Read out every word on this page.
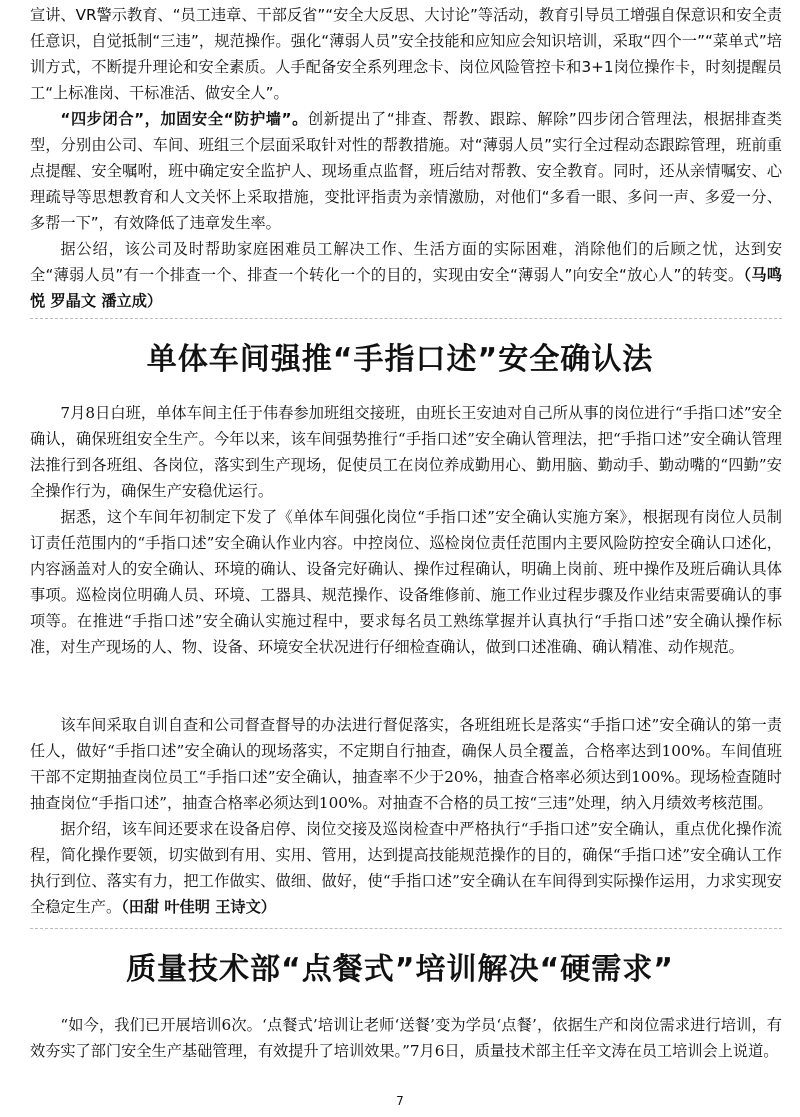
宣讲、VR警示教育、“员工违章、干部反省”“安全大反思、大讨论”等活动，教育引导员工增强自保意识和安全责任意识，自觉抵制“三违”，规范操作。强化“薄弱人员”安全技能和应知应会知识培训，采取“四个一”“菜单式”培训方式，不断提升理论和安全素质。人手配备安全系列理念卡、岗位风险管控卡和3+1岗位操作卡，时刻提醒员工“上标准岗、干标准活、做安全人”。

“四步闭合”，加固安全“防护墙”。创新提出了“排查、帮教、跟踪、解除”四步闭合管理法，根据排查类型，分别由公司、车间、班组三个层面采取针对性的帮教措施。对“薄弱人员”实行全过程动态跟踪管理，班前重点提醒、安全嘱咐，班中确定安全监护人、现场重点监督，班后结对帮教、安全教育。同时，还从亲情嘱安、心理疏导等思想教育和人文关怀上采取措施，变批评指责为亲情激励，对他们“多看一眼、多问一声、多爱一分、多帮一下”，有效降低了违章发生率。

据公绍，该公司及时帮助家庭困难员工解决工作、生活方面的实际困难，消除他们的后顾之忧，达到安全“薄弱人员”有一个排查一个、排查一个转化一个的目的，实现由安全“薄弱人”向安全“放心人”的转变。（马鸣悦 罗晶文 潘立成）

单体车间强推“手指口述”安全确认法

7月8日白班，单体车间主任于伟春参加班组交接班，由班长王安迪对自己所从事的岗位进行“手指口述”安全确认，确保班组安全生产。今年以来，该车间强势推行“手指口述”安全确认管理法，把“手指口述”安全确认管理法推行到各班组、各岗位，落实到生产现场，促使员工在岗位养成勤用心、勤用脑、勤动手、勤动嘴的“四勤”安全操作行为，确保生产安稳优运行。

据悉，这个车间年初制定下发了《单体车间强化岗位“手指口述”安全确认实施方案》，根据现有岗位人员制订责任范围内的“手指口述”安全确认作业内容。中控岗位、巡检岗位责任范围内主要风险防控安全确认口述化，内容涵盖对人的安全确认、环境的确认、设备完好确认、操作过程确认，明确上岗前、班中操作及班后确认具体事项。巡检岗位明确人员、环境、工器具、规范操作、设备维修前、施工作业过程步骤及作业结束需要确认的事项等。在推进“手指口述”安全确认实施过程中，要求每名员工熟练掌握并认真执行“手指口述”安全确认操作标准，对生产现场的人、物、设备、环境安全状况进行仔细检查确认，做到口述准确、确认精准、动作规范。

该车间采取自训自查和公司督查督导的办法进行督促落实，各班组班长是落实“手指口述”安全确认的第一责任人，做好“手指口述”安全确认的现场落实，不定期自行抽查，确保人员全覆盖，合格率达到100%。车间值班干部不定期抽查岗位员工“手指口述”安全确认，抽查率不少于20%，抽查合格率必须达到100%。现场检查随时抽查岗位“手指口述”，抽查合格率必须达到100%。对抽查不合格的员工按“三违”处理，纳入月绩效考核范围。

据介绍，该车间还要求在设备启停、岗位交接及巡岗检查中严格执行“手指口述”安全确认，重点优化操作流程，简化操作要领，切实做到有用、实用、管用，达到提高技能规范操作的目的，确保“手指口述”安全确认工作执行到位、落实有力，把工作做实、做细、做好，使“手指口述”安全确认在车间得到实际操作运用，力求实现安全稳定生产。（田甜 叶佳明 王诗文）

质量技术部“点餐式”培训解决“硬需求”

“如今，我们已开展培训6次。‘点餐式’培训让老师‘送餐’变为学员‘点餐’，依据生产和岗位需求进行培训，有效夯实了部门安全生产基础管理，有效提升了培训效果。”7月6日，质量技术部主任辛文涛在员工培训会上说道。

7
